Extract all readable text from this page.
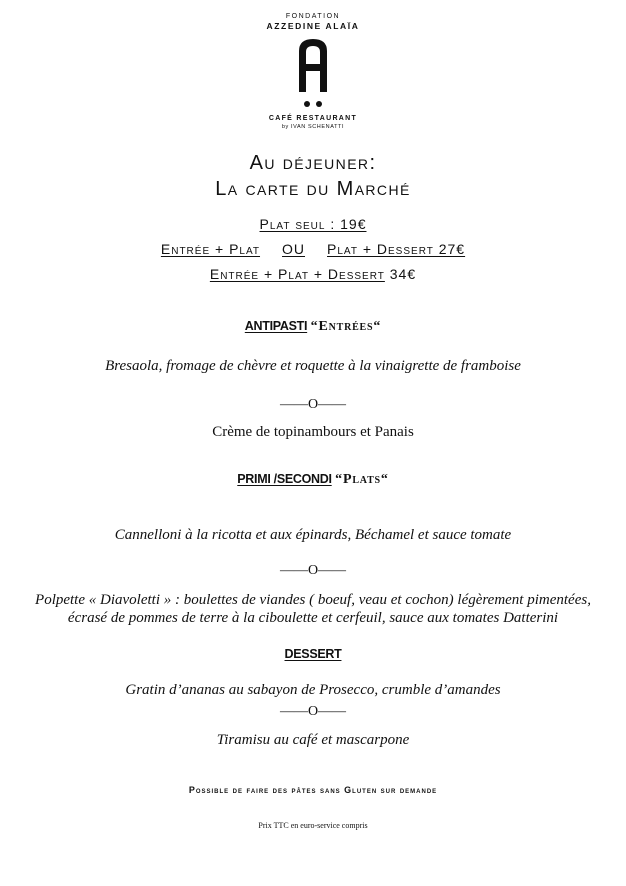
FONDATION
AZZEDINE ALAÏA
CAFÉ RESTAURANT
by IVAN SCHENATTI
Au déjeuner:
La carte du Marché
Plat seul : 19€
Entrée + Plat OU Plat + Dessert 27€
Entrée + Plat + Dessert 34€
ANTIPASTI “Entrées“
Bresaola, fromage de chèvre et roquette à la vinaigrette de framboise
——O——
Crème de topinambours et Panais
PRIMI /SECONDI “Plats“
Cannelloni à la ricotta et aux épinards, Béchamel et sauce tomate
——O——
Polpette « Diavoletti » : boulettes de viandes ( boeuf, veau et cochon) légèrement pimentées,
écrasé de pommes de terre à la ciboulette et cerfeuil, sauce aux tomates Datterini
DESSERT
Gratin d’ananas au sabayon de Prosecco, crumble d’amandes
——O——
Tiramisu au café et mascarpone
Possible de faire des pâtes sans Gluten sur demande
Prix TTC en euro-service compris
